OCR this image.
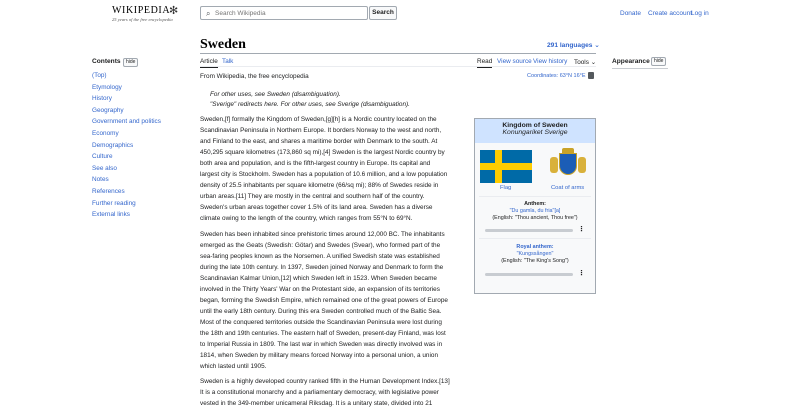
WIKIPEDIA
✻
25 years of the free encyclopedia
⌕
Search Wikipedia	Search	Donate Create account
Log in
Contents	hide
(Top)
Etymology
History
Geography
Government and politics
Economy
Demographics
Culture
See also
Notes
References
Further reading
External links
Sweden	291 languages ⌄
Article Talk	Read View source View history Tools ⌄
From Wikipedia, the free encyclopedia	Coordinates: 63°N 16°E
For other uses, see Sweden (disambiguation).
"Sverige" redirects here. For other uses, see Sverige (disambiguation).
Sweden,[f] formally the Kingdom of Sweden,[g][h] is a Nordic country located on the
Scandinavian Peninsula in Northern Europe. It borders Norway to the west and north,
and Finland to the east, and shares a maritime border with Denmark to the south. At
450,295 square kilometres (173,860 sq mi),[4] Sweden is the largest Nordic country by
both area and population, and is the fifth-largest country in Europe. Its capital and
largest city is Stockholm. Sweden has a population of 10.6 million, and a low population
density of 25.5 inhabitants per square kilometre (66/sq mi); 88% of Swedes reside in
urban areas.[11] They are mostly in the central and southern half of the country.
Sweden's urban areas together cover 1.5% of its land area. Sweden has a diverse
climate owing to the length of the country, which ranges from 55°N to 69°N.
Sweden has been inhabited since prehistoric times around 12,000 BC. The inhabitants
emerged as the Geats (Swedish: Götar) and Swedes (Svear), who formed part of the
sea-faring peoples known as the Norsemen. A unified Swedish state was established
during the late 10th century. In 1397, Sweden joined Norway and Denmark to form the
Scandinavian Kalmar Union,[12] which Sweden left in 1523. When Sweden became
involved in the Thirty Years' War on the Protestant side, an expansion of its territories
began, forming the Swedish Empire, which remained one of the great powers of Europe
until the early 18th century. During this era Sweden controlled much of the Baltic Sea.
Most of the conquered territories outside the Scandinavian Peninsula were lost during
the 18th and 19th centuries. The eastern half of Sweden, present-day Finland, was lost
to Imperial Russia in 1809. The last war in which Sweden was directly involved was in
1814, when Sweden by military means forced Norway into a personal union, a union
which lasted until 1905.
Sweden is a highly developed country ranked fifth in the Human Development Index.[13]
It is a constitutional monarchy and a parliamentary democracy, with legislative power
vested in the 349-member unicameral Riksdag. It is a unitary state, divided into 21
Appearance hide
Kingdom of Sweden
Konungariket Sverige
Flag	Coat of arms
Anthem:
"Du gamla, du fria"[a]
(English: "Thou ancient, Thou free")
⋮
Royal anthem:
"Kungssången"
(English: "The King's Song")
⋮
